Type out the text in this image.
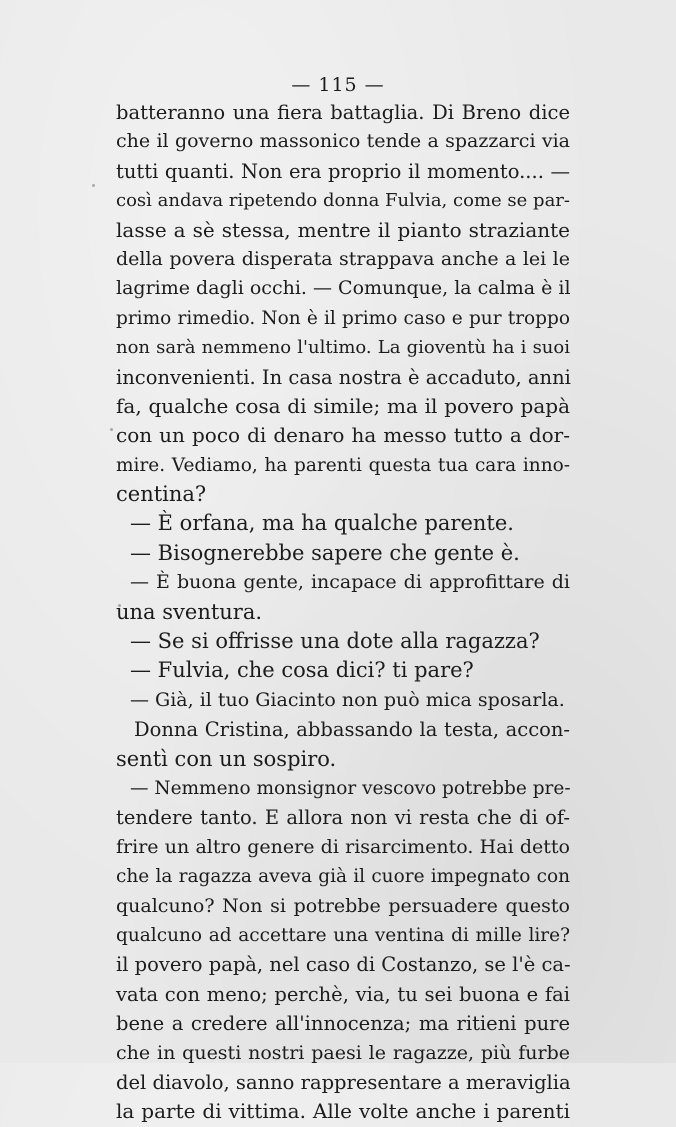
— 115 —
batteranno una fiera battaglia. Di Breno dice
che il governo massonico tende a spazzarci via
tutti quanti. Non era proprio il momento.... —
così andava ripetendo donna Fulvia, come se par-
lasse a sè stessa, mentre il pianto straziante
della povera disperata strappava anche a lei le
lagrime dagli occhi. — Comunque, la calma è il
primo rimedio. Non è il primo caso e pur troppo
non sarà nemmeno l'ultimo. La gioventù ha i suoi
inconvenienti. In casa nostra è accaduto, anni
fa, qualche cosa di simile; ma il povero papà
con un poco di denaro ha messo tutto a dor-
mire. Vediamo, ha parenti questa tua cara inno-
centina?
— È orfana, ma ha qualche parente.
— Bisognerebbe sapere che gente è.
— È buona gente, incapace di approfittare di
una sventura.
— Se si offrisse una dote alla ragazza?
— Fulvia, che cosa dici? ti pare?
— Già, il tuo Giacinto non può mica sposarla.
Donna Cristina, abbassando la testa, accon-
sentì con un sospiro.
— Nemmeno monsignor vescovo potrebbe pre-
tendere tanto. E allora non vi resta che di of-
frire un altro genere di risarcimento. Hai detto
che la ragazza aveva già il cuore impegnato con
qualcuno? Non si potrebbe persuadere questo
qualcuno ad accettare una ventina di mille lire?
il povero papà, nel caso di Costanzo, se l'è ca-
vata con meno; perchè, via, tu sei buona e fai
bene a credere all'innocenza; ma ritieni pure
che in questi nostri paesi le ragazze, più furbe
del diavolo, sanno rappresentare a meraviglia
la parte di vittima. Alle volte anche i parenti
